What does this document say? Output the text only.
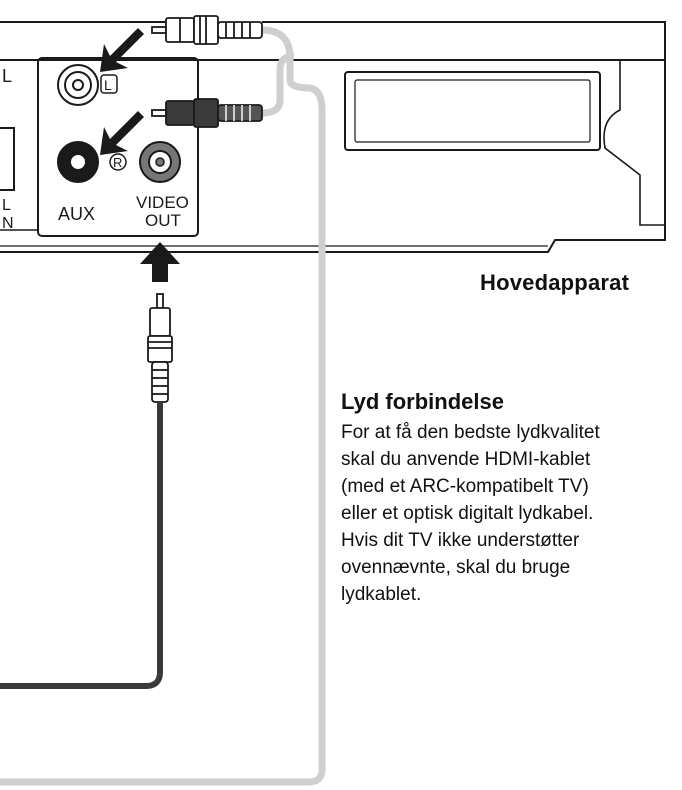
L	L
R
AUX
VIDEO
OUT
L
N
Hovedapparat
Lyd forbindelse

For at få den bedste lydkvalitet

skal du anvende HDMI-kablet

(med et ARC-kompatibelt TV)

eller et optisk digitalt lydkabel.

Hvis dit TV ikke understøtter

ovennævnte, skal du bruge

lydkablet.
